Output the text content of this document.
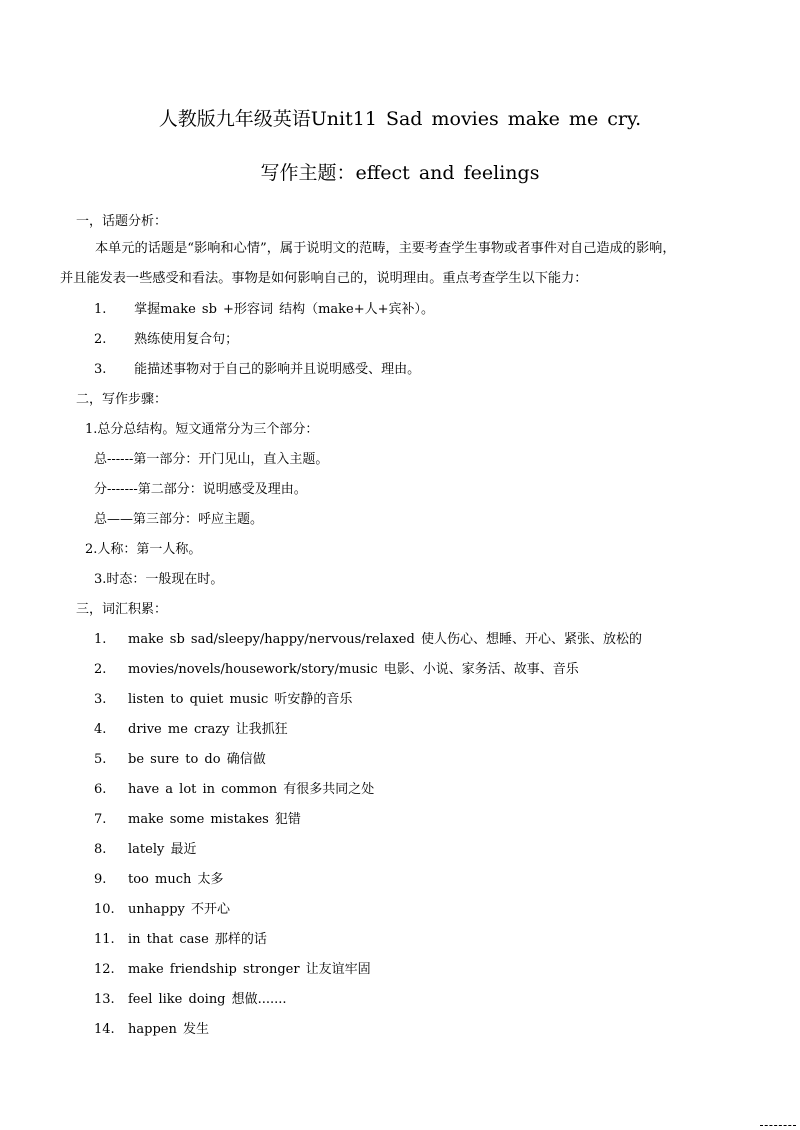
人教版九年级英语Unit11 Sad movies make me cry.
写作主题：effect and feelings
一，话题分析：
本单元的话题是“影响和心情”，属于说明文的范畴，主要考查学生事物或者事件对自己造成的影响，
并且能发表一些感受和看法。事物是如何影响自己的，说明理由。重点考查学生以下能力：
1. 掌握make sb +形容词 结构（make+人+宾补）。
2. 熟练使用复合句；
3. 能描述事物对于自己的影响并且说明感受、理由。
二，写作步骤：
1.总分总结构。短文通常分为三个部分：
总------第一部分：开门见山，直入主题。
分-------第二部分：说明感受及理由。
总——第三部分：呼应主题。
2.人称：第一人称。
3.时态：一般现在时。
三，词汇积累：
1. make sb sad/sleepy/happy/nervous/relaxed 使人伤心、想睡、开心、紧张、放松的
2. movies/novels/housework/story/music 电影、小说、家务活、故事、音乐
3. listen to quiet music 听安静的音乐
4. drive me crazy 让我抓狂
5. be sure to do 确信做
6. have a lot in common 有很多共同之处
7. make some mistakes 犯错
8. lately 最近
9. too much 太多
10. unhappy 不开心
11. in that case 那样的话
12. make friendship stronger 让友谊牢固
13. feel like doing 想做.......
14. happen 发生
